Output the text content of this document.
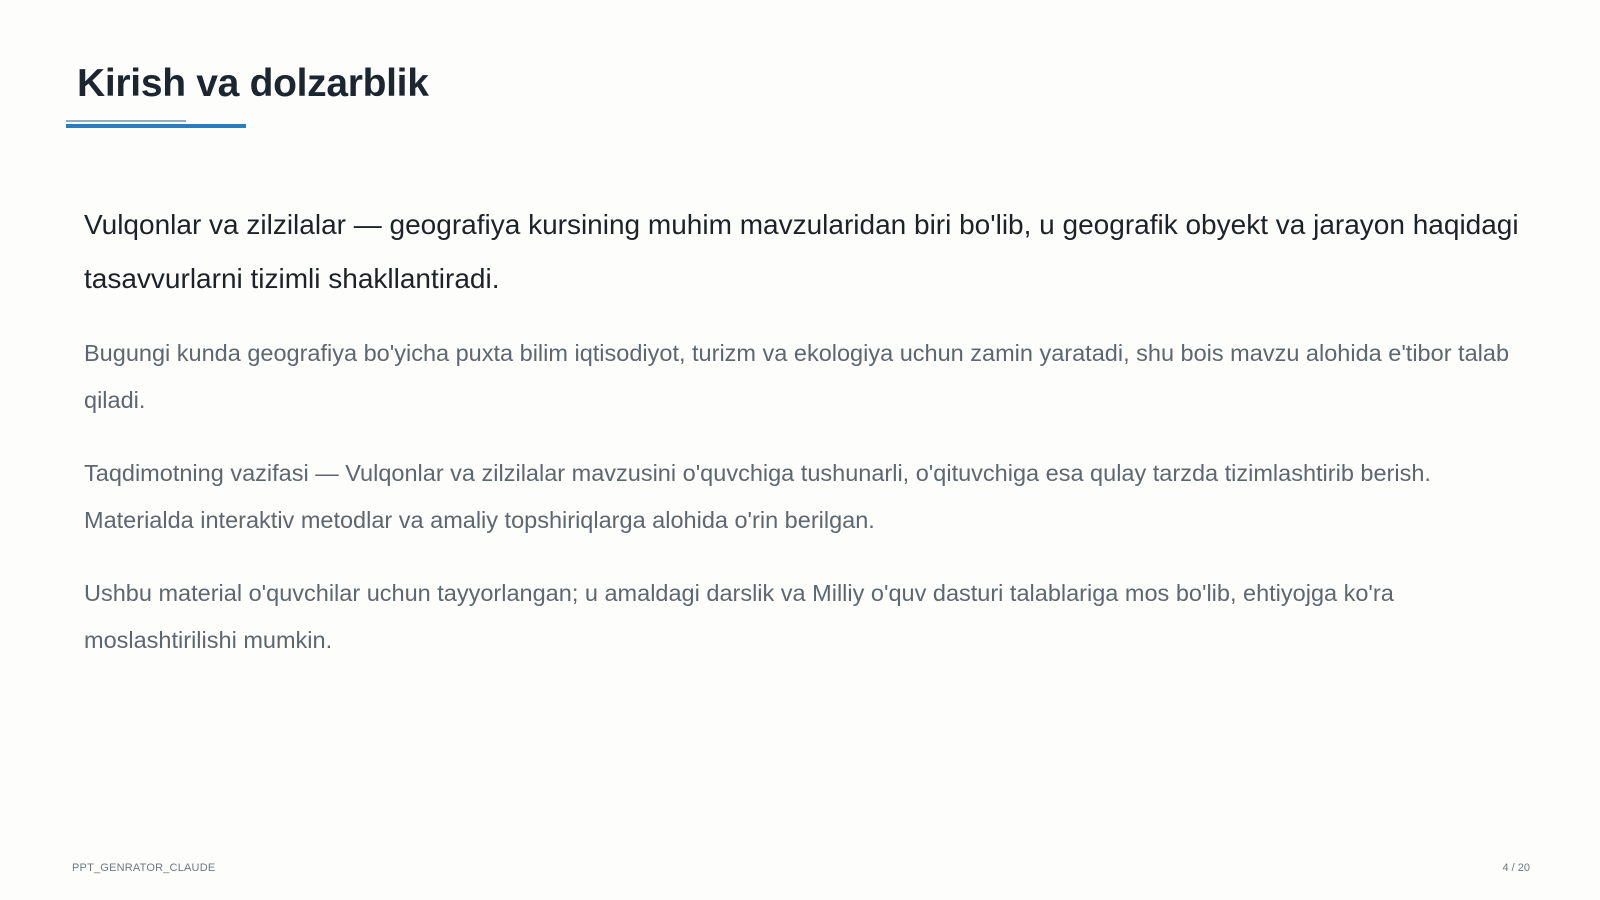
Kirish va dolzarblik

Vulqonlar va zilzilalar — geografiya kursining muhim mavzularidan biri bo'lib, u geografik obyekt va jarayon haqidagi tasavvurlarni tizimli shakllantiradi.

Bugungi kunda geografiya bo'yicha puxta bilim iqtisodiyot, turizm va ekologiya uchun zamin yaratadi, shu bois mavzu alohida e'tibor talab qiladi.

Taqdimotning vazifasi — Vulqonlar va zilzilalar mavzusini o'quvchiga tushunarli, o'qituvchiga esa qulay tarzda tizimlashtirib berish. Materialda interaktiv metodlar va amaliy topshiriqlarga alohida o'rin berilgan.

Ushbu material o'quvchilar uchun tayyorlangan; u amaldagi darslik va Milliy o'quv dasturi talablariga mos bo'lib, ehtiyojga ko'ra moslashtirilishi mumkin.

PPT_GENRATOR_CLAUDE	4 / 20
